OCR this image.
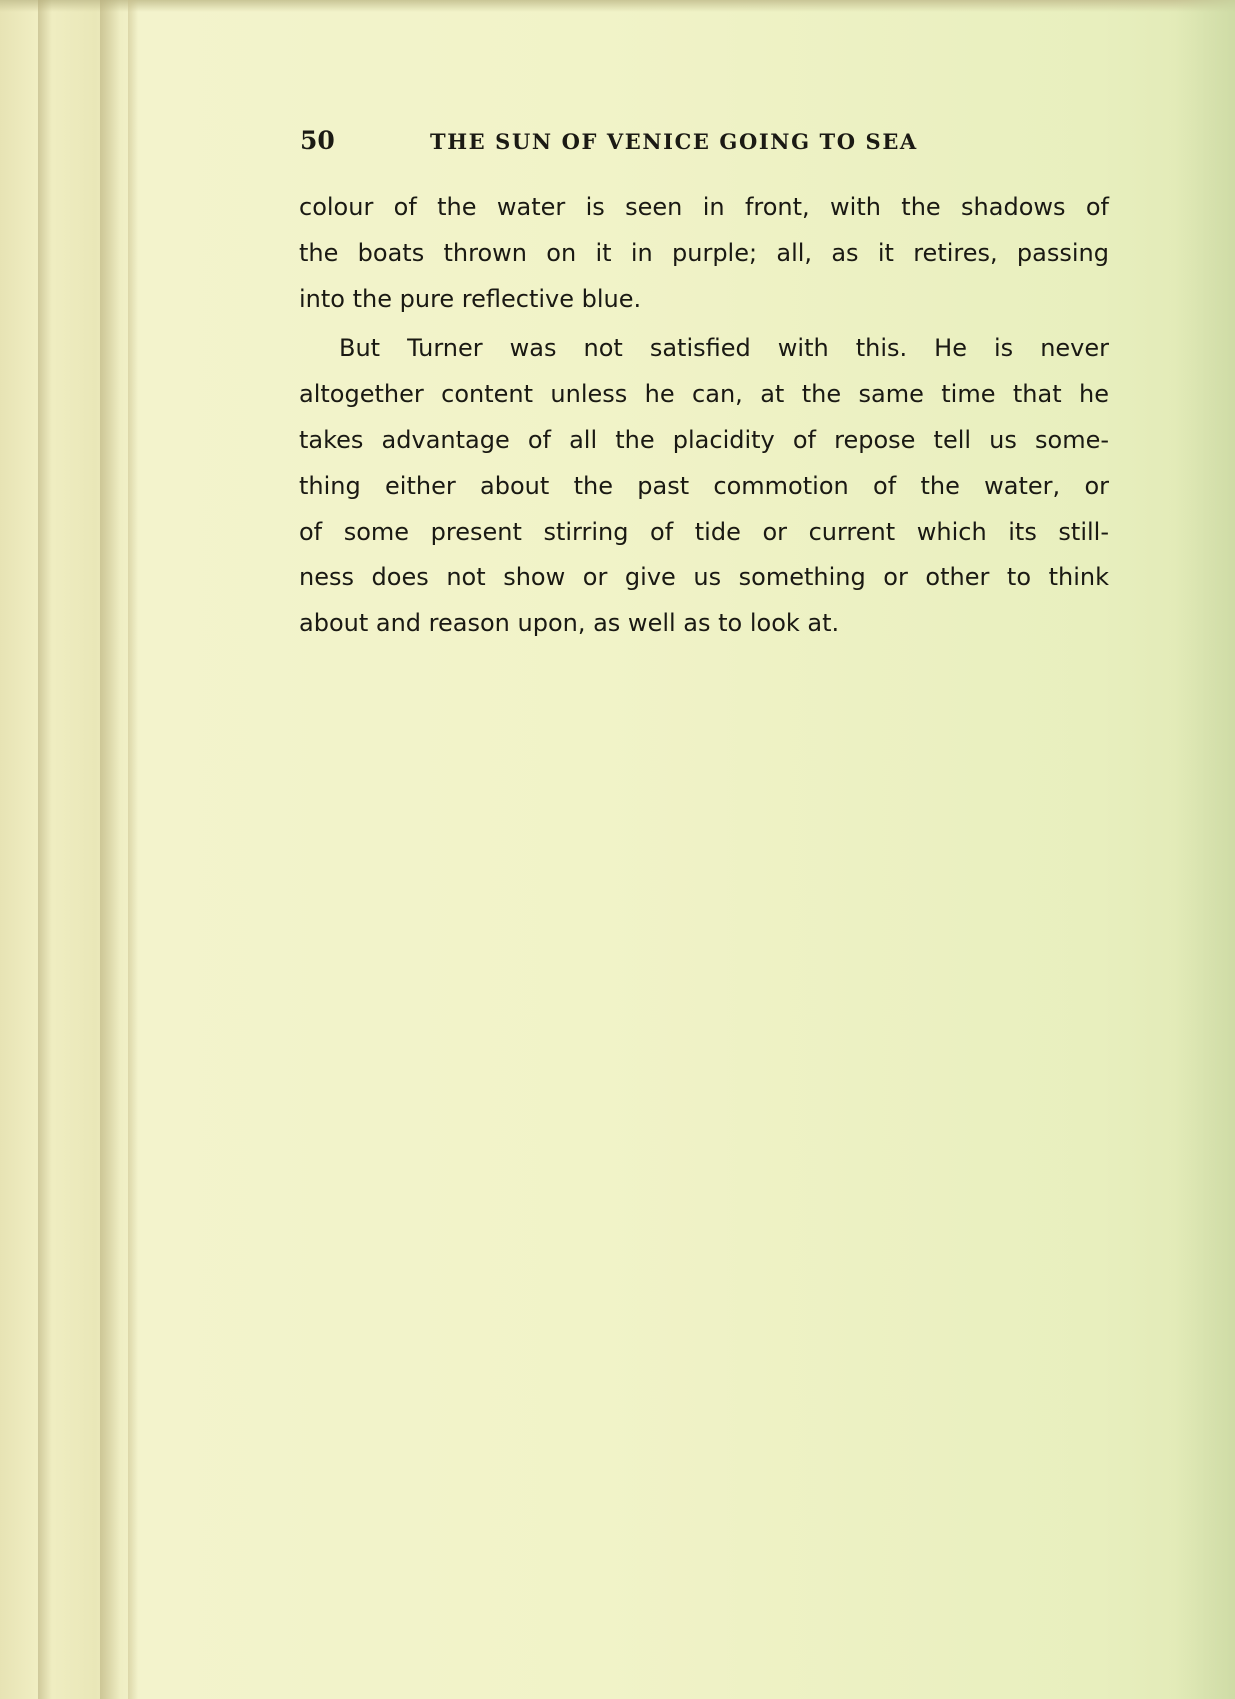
50	THE SUN OF VENICE GOING TO SEA
colour of the water is seen in front, with the shadows of
the boats thrown on it in purple; all, as it retires, passing
into the pure reflective blue.
But Turner was not satisfied with this. He is never
altogether content unless he can, at the same time that he
takes advantage of all the placidity of repose tell us some-
thing either about the past commotion of the water, or
of some present stirring of tide or current which its still-
ness does not show or give us something or other to think
about and reason upon, as well as to look at.
